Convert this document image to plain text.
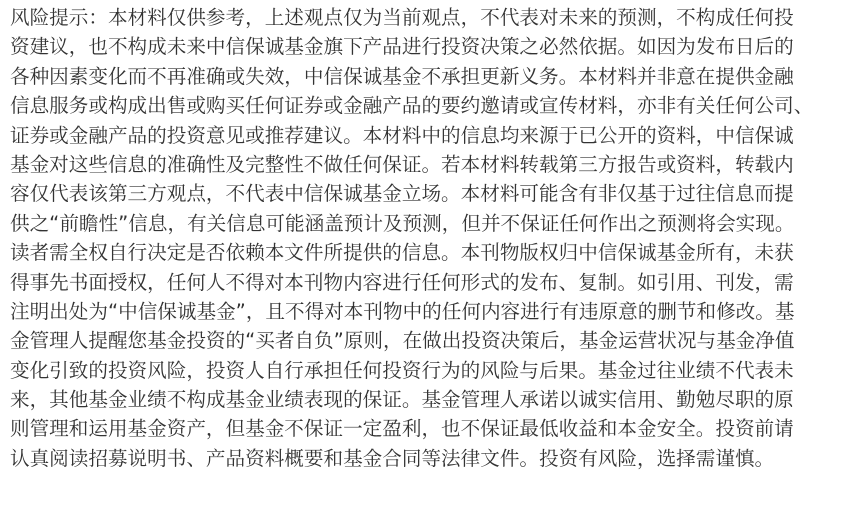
风险提示：本材料仅供参考，上述观点仅为当前观点，不代表对未来的预测，不构成任何投
资建议，也不构成未来中信保诚基金旗下产品进行投资决策之必然依据。如因为发布日后的
各种因素变化而不再准确或失效，中信保诚基金不承担更新义务。本材料并非意在提供金融
信息服务或构成出售或购买任何证券或金融产品的要约邀请或宣传材料，亦非有关任何公司、
证券或金融产品的投资意见或推荐建议。本材料中的信息均来源于已公开的资料，中信保诚
基金对这些信息的准确性及完整性不做任何保证。若本材料转载第三方报告或资料，转载内
容仅代表该第三方观点，不代表中信保诚基金立场。本材料可能含有非仅基于过往信息而提
供之“前瞻性”信息，有关信息可能涵盖预计及预测，但并不保证任何作出之预测将会实现。
读者需全权自行决定是否依赖本文件所提供的信息。本刊物版权归中信保诚基金所有，未获
得事先书面授权，任何人不得对本刊物内容进行任何形式的发布、复制。如引用、刊发，需
注明出处为“中信保诚基金”，且不得对本刊物中的任何内容进行有违原意的删节和修改。基
金管理人提醒您基金投资的“买者自负”原则，在做出投资决策后，基金运营状况与基金净值
变化引致的投资风险，投资人自行承担任何投资行为的风险与后果。基金过往业绩不代表未
来，其他基金业绩不构成基金业绩表现的保证。基金管理人承诺以诚实信用、勤勉尽职的原
则管理和运用基金资产，但基金不保证一定盈利，也不保证最低收益和本金安全。投资前请
认真阅读招募说明书、产品资料概要和基金合同等法律文件。投资有风险，选择需谨慎。
